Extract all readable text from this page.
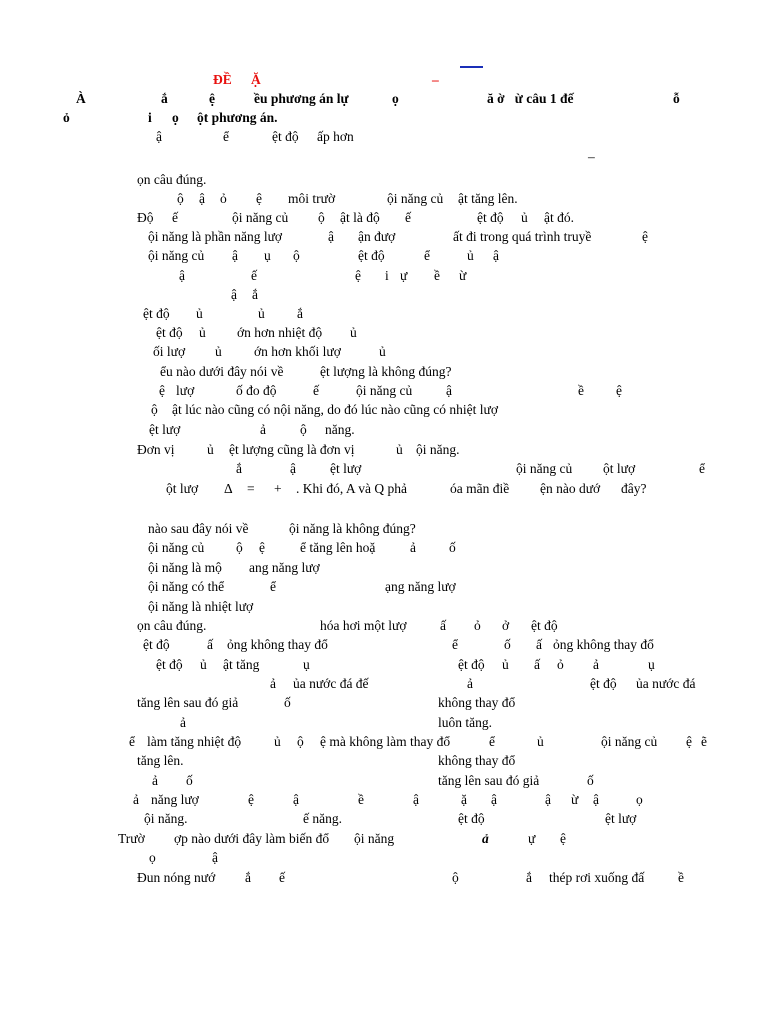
ĐỀ Ặ	–
À	ắ	ệ	ều phương án lự	ọ	ă ờ   ừ câu 1 đế	ỗ
ỏ	i ọ ột phương án.
ậ	ể	ệt độ ấp hơn
–
ọn câu đúng.
ộ ậ ỏ ệ môi trườ	ội năng củ ật tăng lên.
Độ ế	ội năng củ ộ ật là độ ế	ệt độ ủ ật đó.
ội năng là phần năng lượ	ậ ận đượ	ất đi trong quá trình truyề	ệ
ội năng củ ậ ụ ộ	ệt độ	ể	ủ ậ
ậ	ế	ệ i ự ề ừ
ậ ắ
ệt độ ủ	ủ ắ
ệt độ ủ ớn hơn nhiệt độ ủ
ối lượ ủ ớn hơn khối lượ	ủ
ểu nào dưới đây nói về	ệt lượng là không đúng?
ệ lượ	ố đo độ	ế	ội năng củ	ậ	ề ệ
ộ ật lúc nào cũng có nội năng, do đó lúc nào cũng có nhiệt lượ
ệt lượ	ả	ộ năng.
Đơn vị ủ ệt lượng cũng là đơn vị	ủ ội năng.
ắ	ậ	ệt lượ	ội năng củ ột lượ	ể
ột lượ Δ = + . Khi đó, A và Q phả	óa mãn điề ện nào dướ đây?
nào sau đây nói về	ội năng là không đúng?
ội năng củ ộ ệ	ể tăng lên hoặ	ả ố
ội năng là mộ ang năng lượ
ội năng có thể	ể	ạng năng lượ
ội năng là nhiệt lượ
ọn câu đúng.	hóa hơi một lượ ấ ỏ ở ệt độ
ệt độ	ấ ỏng không thay đổ	ể	ố ấ ỏng không thay đổ
ệt độ ủ ật tăng	ụ	ệt độ ủ ấ ỏ ả	ụ
ả ủa nước đá đế	ả	ệt độ ủa nước đá
tăng lên sau đó giả	ố	không thay đổ
ả	luôn tăng.
ể làm tăng nhiệt độ ủ ộ ệ mà không làm thay đổ	ể	ủ	ội năng củ ệ ẽ
tăng lên.	không thay đổ
ả ố	tăng lên sau đó giả	ố
ả năng lượ	ệ	ậ	ề	ậ	ặ ậ	ậ ừ ậ	ọ
ội năng.	ế năng.	ệt độ	ệt lượ
Trườ ợp nào dưới đây làm biến đổ ội năng	ả	ự ệ
ọ	ậ
Đun nóng nướ ắ ế	ộ	ắ thép rơi xuống đấ	ề
